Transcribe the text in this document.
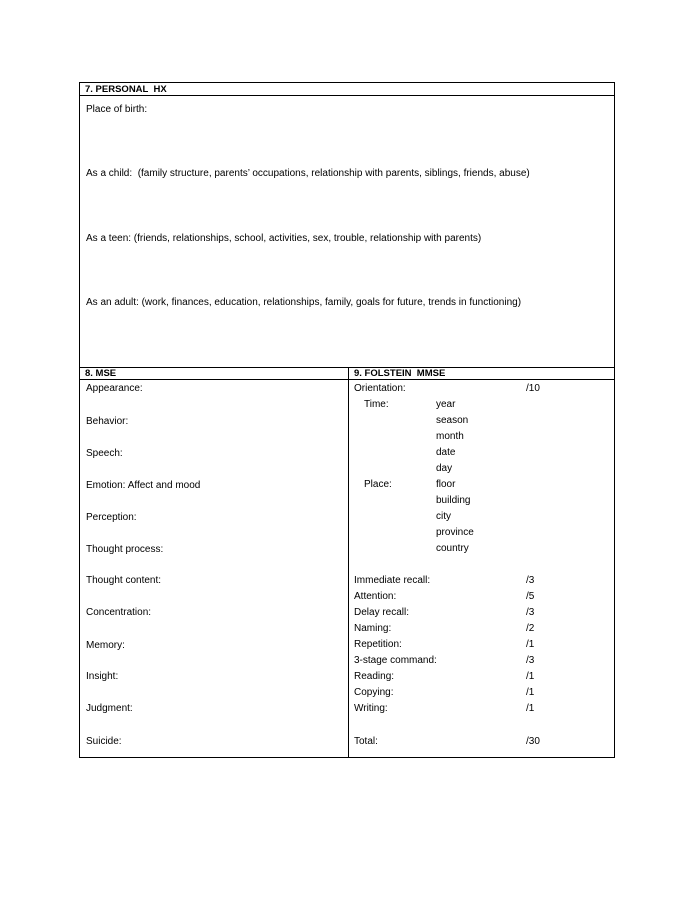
7. PERSONAL  HX
Place of birth:
As a child:  (family structure, parents’ occupations, relationship with parents, siblings, friends, abuse)
As a teen: (friends, relationships, school, activities, sex, trouble, relationship with parents)
As an adult: (work, finances, education, relationships, family, goals for future, trends in functioning)
8. MSE	9. FOLSTEIN  MMSE
Appearance:
Behavior:
Speech:
Emotion: Affect and mood
Perception:
Thought process:
Thought content:
Concentration:
Memory:
Insight:
Judgment:
Suicide:
Orientation:	/10
Time:	year
season
month
date
day
Place:	floor
building
city
province
country
Immediate recall:	/3
Attention:	/5
Delay recall:	/3
Naming:	/2
Repetition:	/1
3-stage command:	/3
Reading:	/1
Copying:	/1
Writing:	/1
Total:	/30
